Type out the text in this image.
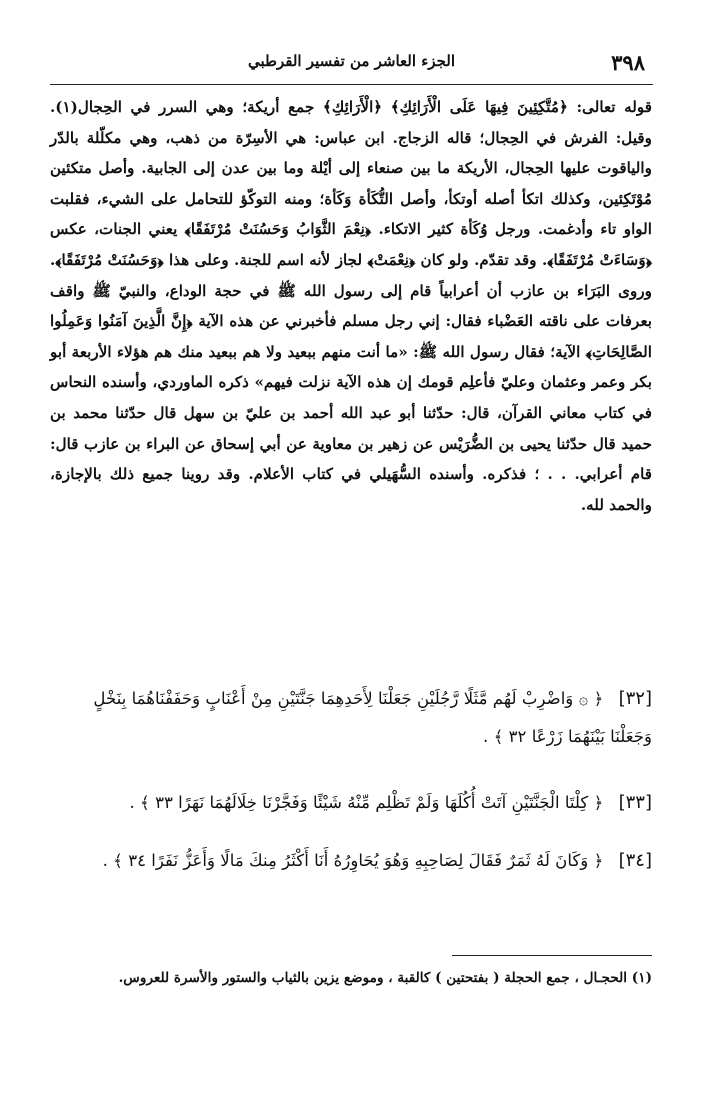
٣٩٨
الجزء العاشر من تفسير القرطبي
قوله تعالى: ﴿مُتَّكِئِينَ فِيهَا عَلَى الْأَرَائِكِ﴾ ﴿الْأَرَائِكِ﴾ جمع أريكة؛ وهي السرر في الحِجال(١). وقيل: الفرش في الحِجال؛ قاله الزجاج. ابن عباس: هي الأسِرّة من ذهب، وهي مكلّلة بالدّر والياقوت عليها الحِجال، الأريكة ما بين صنعاء إلى أيْلة وما بين عدن إلى الجابية. وأصل متكئين مُوْتَكِئين، وكذلك اتكأ أصله أوتكأ، وأصل التُّكَأة وَكَأة؛ ومنه التوكّؤ للتحامل على الشيء، فقلبت الواو تاء وأدغمت. ورجل وُكَأة كثير الاتكاء. ﴿نِعْمَ الثَّوَابُ وَحَسُنَتْ مُرْتَفَقًا﴾ يعني الجنات، عكس ﴿وَسَاءَتْ مُرْتَفَقًا﴾. وقد تقدّم. ولو كان ﴿نِعْمَتْ﴾ لجاز لأنه اسم للجنة. وعلى هذا ﴿وَحَسُنَتْ مُرْتَفَقًا﴾. وروى البَرَاء بن عازب أن أعرابياً قام إلى رسول الله ﷺ في حجة الوداع، والنبيّ ﷺ واقف بعرفات على ناقته العَضْباء فقال: إني رجل مسلم فأخبرني عن هذه الآية ﴿إِنَّ الَّذِينَ آمَنُوا وَعَمِلُوا الصَّالِحَاتِ﴾ الآية؛ فقال رسول الله ﷺ: «ما أنت منهم ببعيد ولا هم ببعيد منك هم هؤلاء الأربعة أبو بكر وعمر وعثمان وعليّ فأعلِم قومك إن هذه الآية نزلت فيهم» ذكره الماوردي، وأسنده النحاس في كتاب معاني القرآن، قال: حدّثنا أبو عبد الله أحمد بن عليّ بن سهل قال حدّثنا محمد بن حميد قال حدّثنا يحيى بن الضُّرَيْس عن زهير بن معاوية عن أبي إسحاق عن البراء بن عازب قال: قام أعرابي. . . ؛ فذكره. وأسنده السُّهَيلي في كتاب الأعلام. وقد روينا جميع ذلك بالإجازة، والحمد لله.
[٣٢] ﴿ ۞ وَاضْرِبْ لَهُم مَّثَلًا رَّجُلَيْنِ جَعَلْنَا لِأَحَدِهِمَا جَنَّتَيْنِ مِنْ أَعْنَابٍ وَحَفَفْنَاهُمَا بِنَخْلٍ وَجَعَلْنَا بَيْنَهُمَا زَرْعًا ٣٢ ﴾ .
[٣٣] ﴿ كِلْتَا الْجَنَّتَيْنِ آتَتْ أُكُلَهَا وَلَمْ تَظْلِم مِّنْهُ شَيْئًا وَفَجَّرْنَا خِلَالَهُمَا نَهَرًا ٣٣ ﴾ .
[٣٤] ﴿ وَكَانَ لَهُ ثَمَرٌ فَقَالَ لِصَاحِبِهِ وَهُوَ يُحَاوِرُهُ أَنَا أَكْثَرُ مِنكَ مَالًا وَأَعَزُّ نَفَرًا ٣٤ ﴾ .
(١) الحجـال ، جمع الحجلة ( بفتحتين ) كالقبة ، وموضع يزين بالثياب والستور والأسرة للعروس.
